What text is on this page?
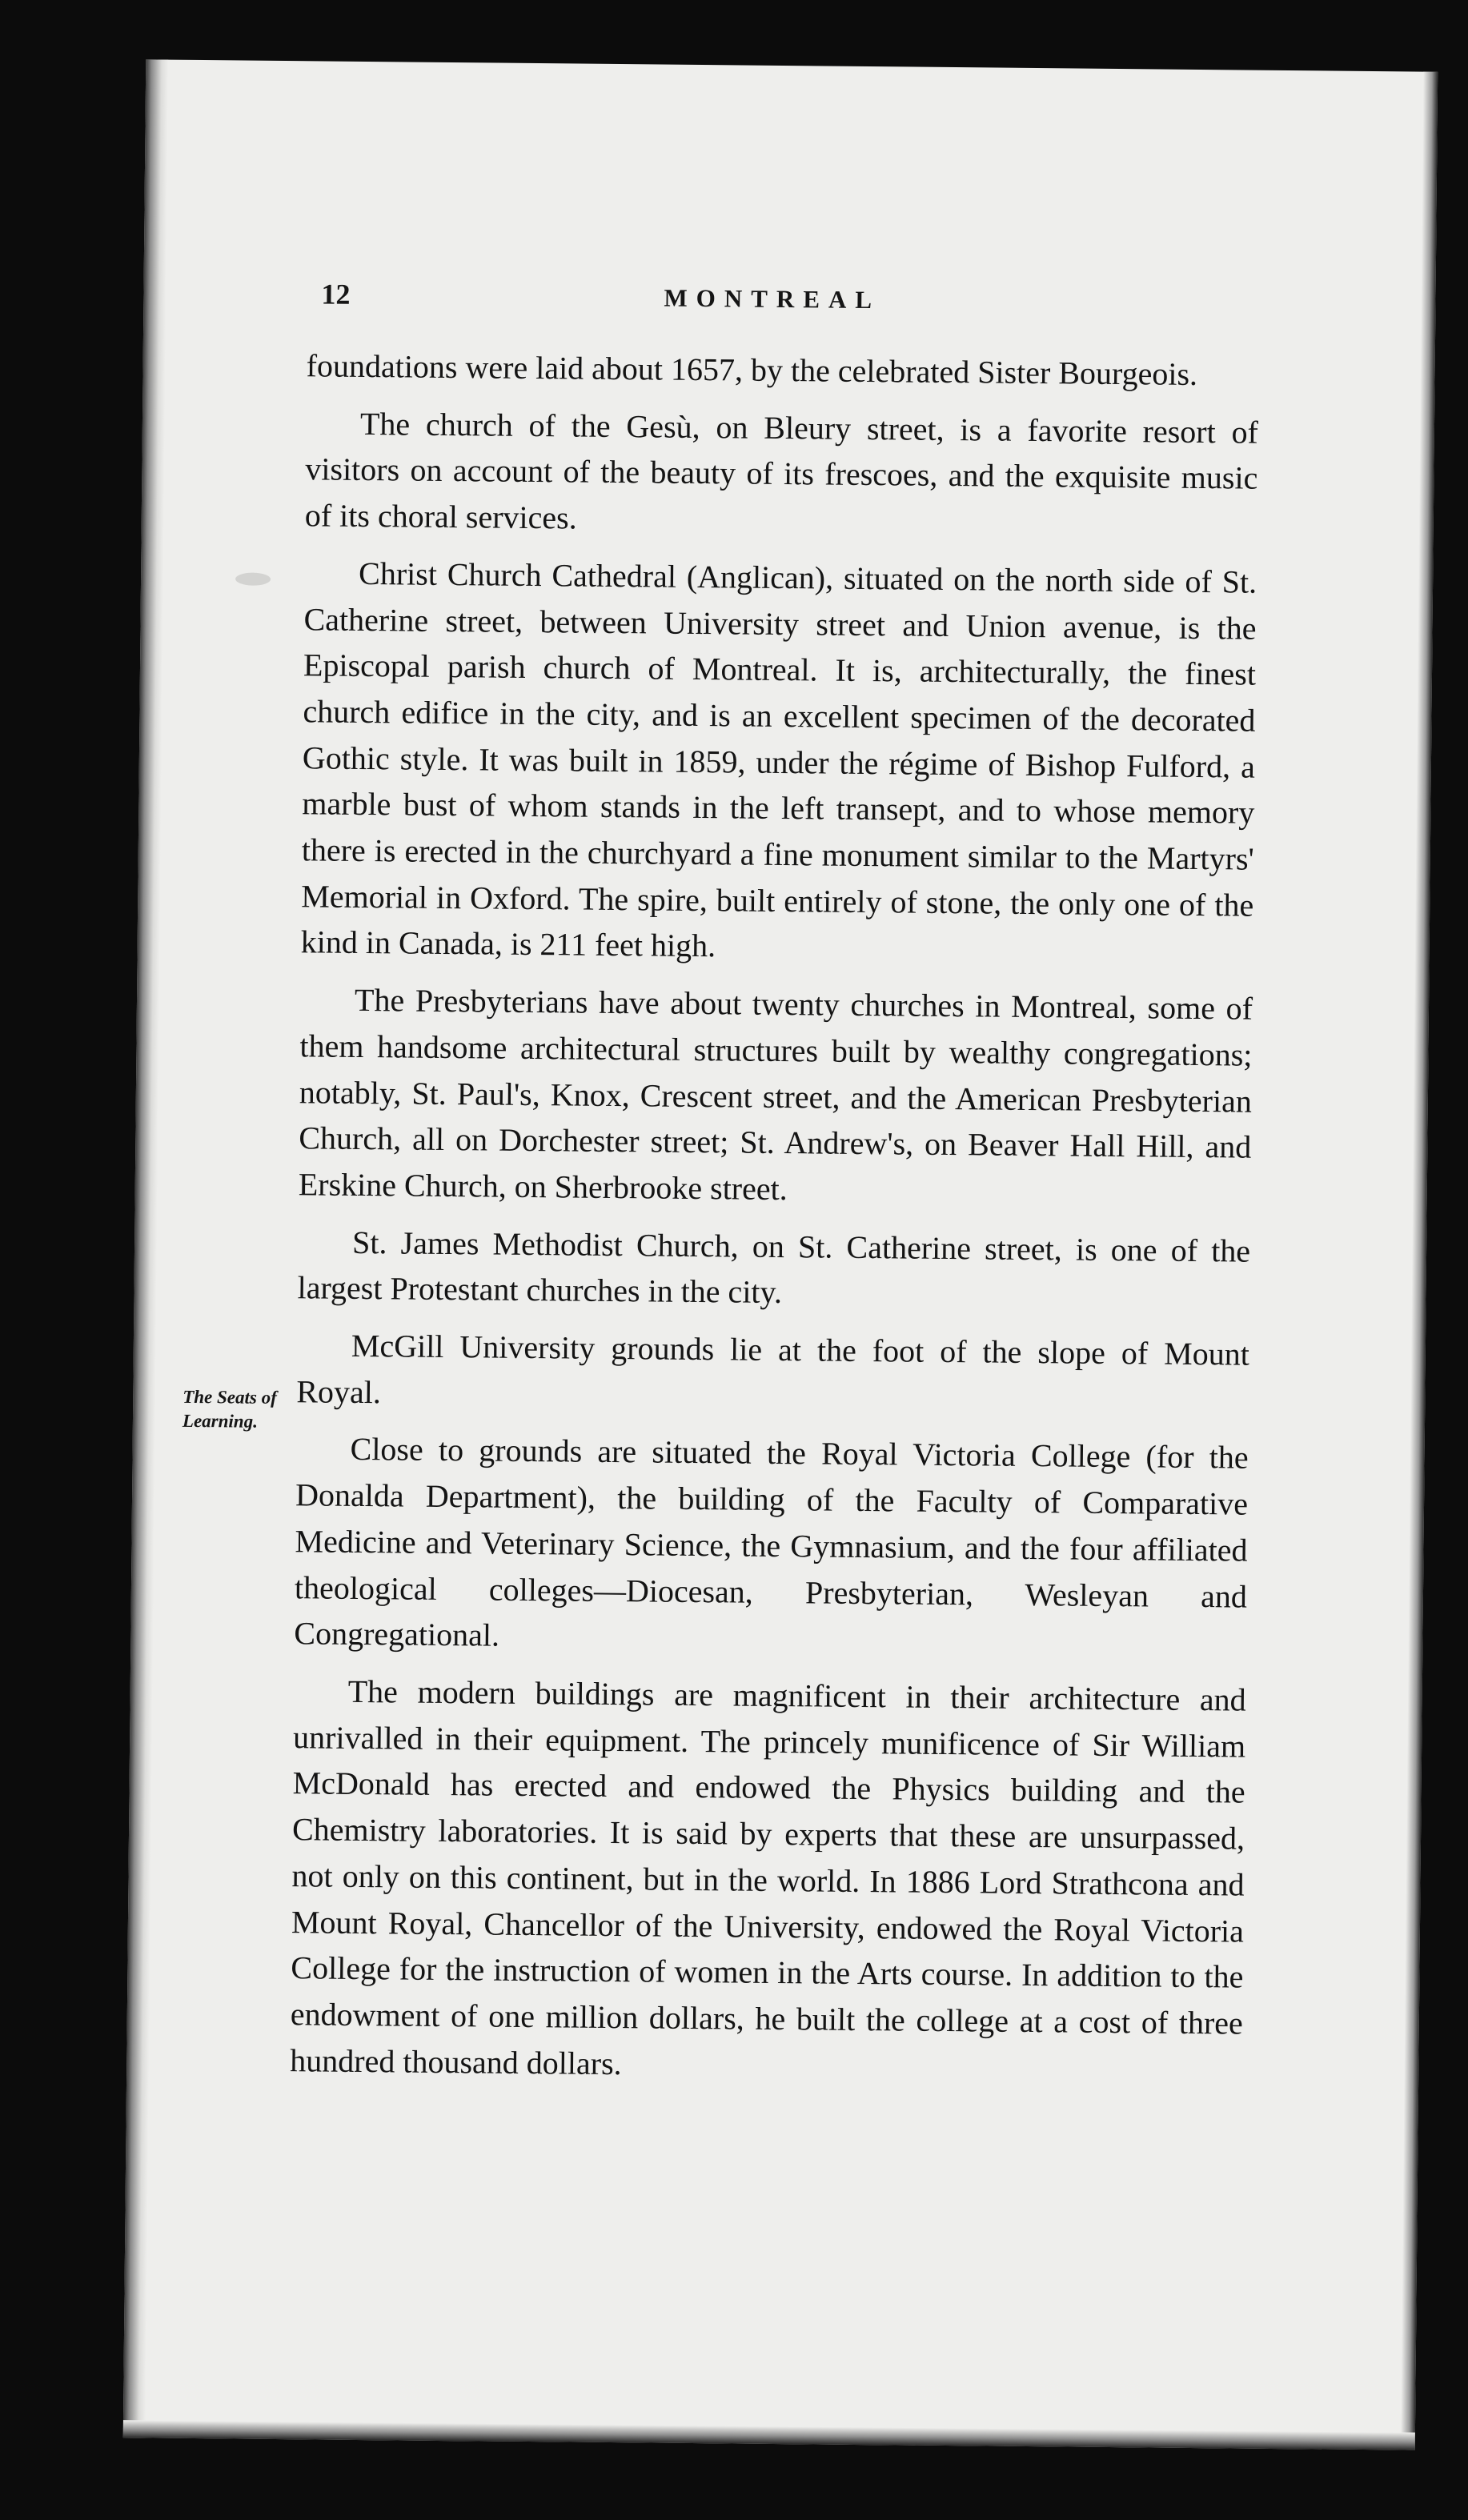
12	MONTREAL
The Seats of Learning.

foundations were laid about 1657, by the celebrated Sister Bourgeois.

The church of the Gesù, on Bleury street, is a favorite resort of visitors on account of the beauty of its frescoes, and the exquisite music of its choral services.

Christ Church Cathedral (Anglican), situated on the north side of St. Catherine street, between University street and Union avenue, is the Episcopal parish church of Montreal. It is, architecturally, the finest church edifice in the city, and is an excellent specimen of the decorated Gothic style. It was built in 1859, under the régime of Bishop Fulford, a marble bust of whom stands in the left transept, and to whose memory there is erected in the churchyard a fine monument similar to the Martyrs' Memorial in Oxford. The spire, built entirely of stone, the only one of the kind in Canada, is 211 feet high.

The Presbyterians have about twenty churches in Montreal, some of them handsome architectural structures built by wealthy congregations; notably, St. Paul's, Knox, Crescent street, and the American Presbyterian Church, all on Dorchester street; St. Andrew's, on Beaver Hall Hill, and Erskine Church, on Sherbrooke street.

St. James Methodist Church, on St. Catherine street, is one of the largest Protestant churches in the city.

McGill University grounds lie at the foot of the slope of Mount Royal.

Close to grounds are situated the Royal Victoria College (for the Donalda Department), the building of the Faculty of Comparative Medicine and Veterinary Science, the Gymnasium, and the four affiliated theological colleges—Diocesan, Presbyterian, Wesleyan and Congregational.

The modern buildings are magnificent in their architecture and unrivalled in their equipment. The princely munificence of Sir William McDonald has erected and endowed the Physics building and the Chemistry laboratories. It is said by experts that these are unsurpassed, not only on this continent, but in the world. In 1886 Lord Strathcona and Mount Royal, Chancellor of the University, endowed the Royal Victoria College for the instruction of women in the Arts course. In addition to the endowment of one million dollars, he built the college at a cost of three hundred thousand dollars.
